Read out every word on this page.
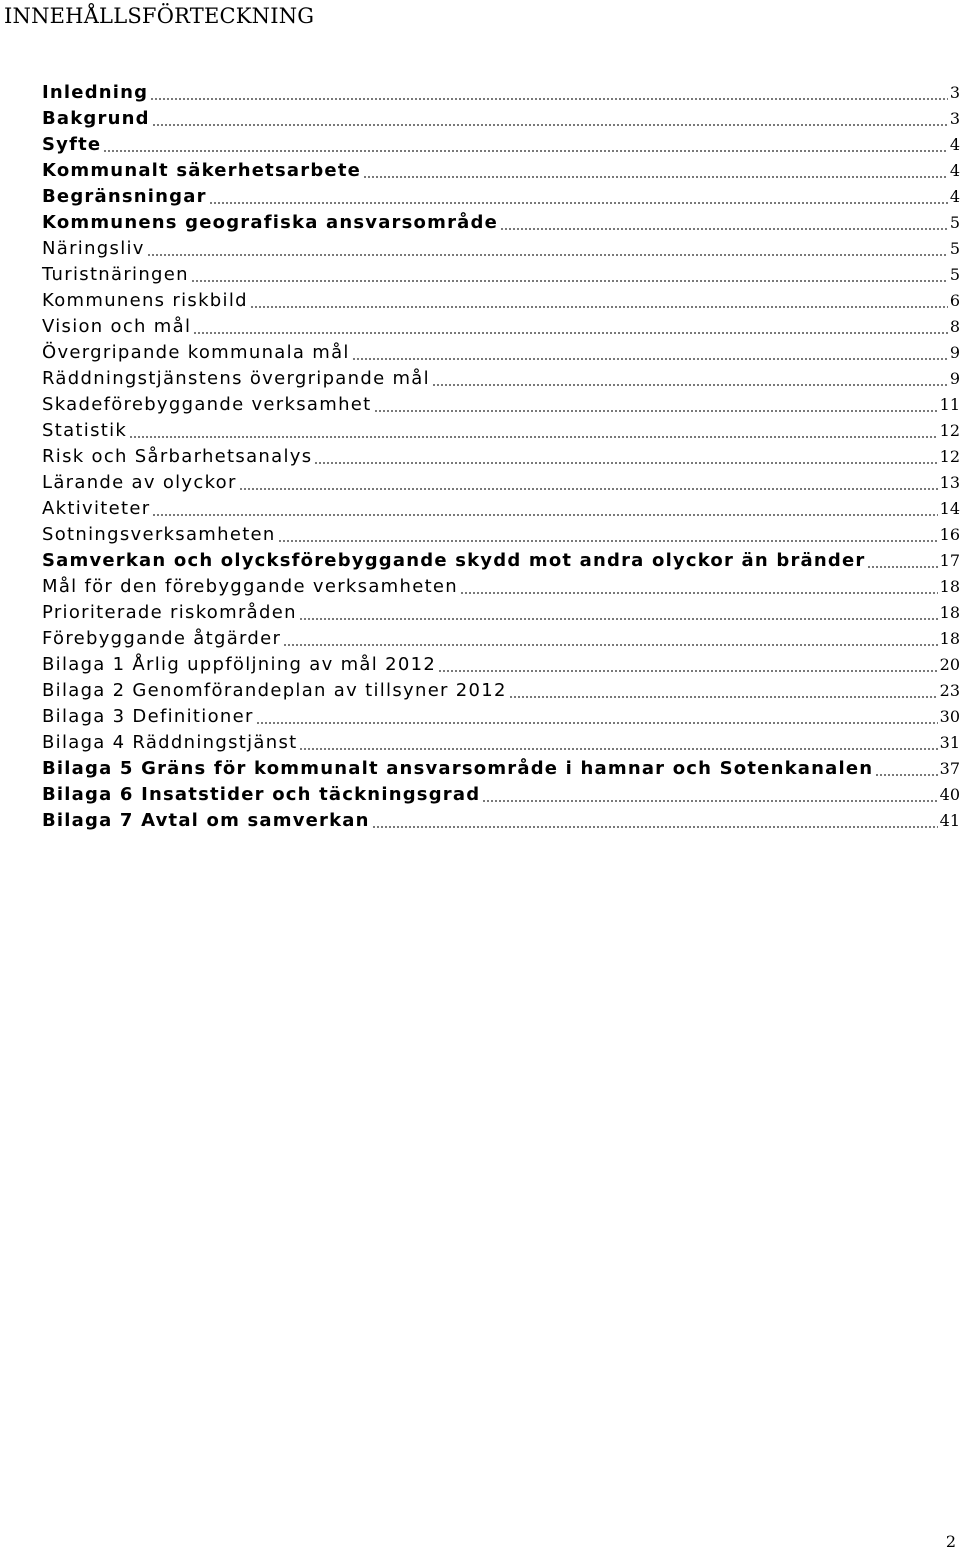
INNEHÅLLSFÖRTECKNING
Inledning	3
Bakgrund	3
Syfte	4
Kommunalt säkerhetsarbete	4
Begränsningar	4
Kommunens geografiska ansvarsområde	5
Näringsliv	5
Turistnäringen	5
Kommunens riskbild	6
Vision och mål	8
Övergripande kommunala mål	9
Räddningstjänstens övergripande mål	9
Skadeförebyggande verksamhet	11
Statistik	12
Risk och Sårbarhetsanalys	12
Lärande av olyckor	13
Aktiviteter	14
Sotningsverksamheten	16
Samverkan och olycksförebyggande skydd mot andra olyckor än bränder	17
Mål för den förebyggande verksamheten	18
Prioriterade riskområden	18
Förebyggande åtgärder	18
Bilaga 1 Årlig uppföljning av mål 2012	20
Bilaga 2 Genomförandeplan av tillsyner 2012	23
Bilaga 3 Definitioner	30
Bilaga 4 Räddningstjänst	31
Bilaga 5 Gräns för kommunalt ansvarsområde i hamnar och Sotenkanalen	37
Bilaga 6 Insatstider och täckningsgrad	40
Bilaga 7 Avtal om samverkan	41
2
